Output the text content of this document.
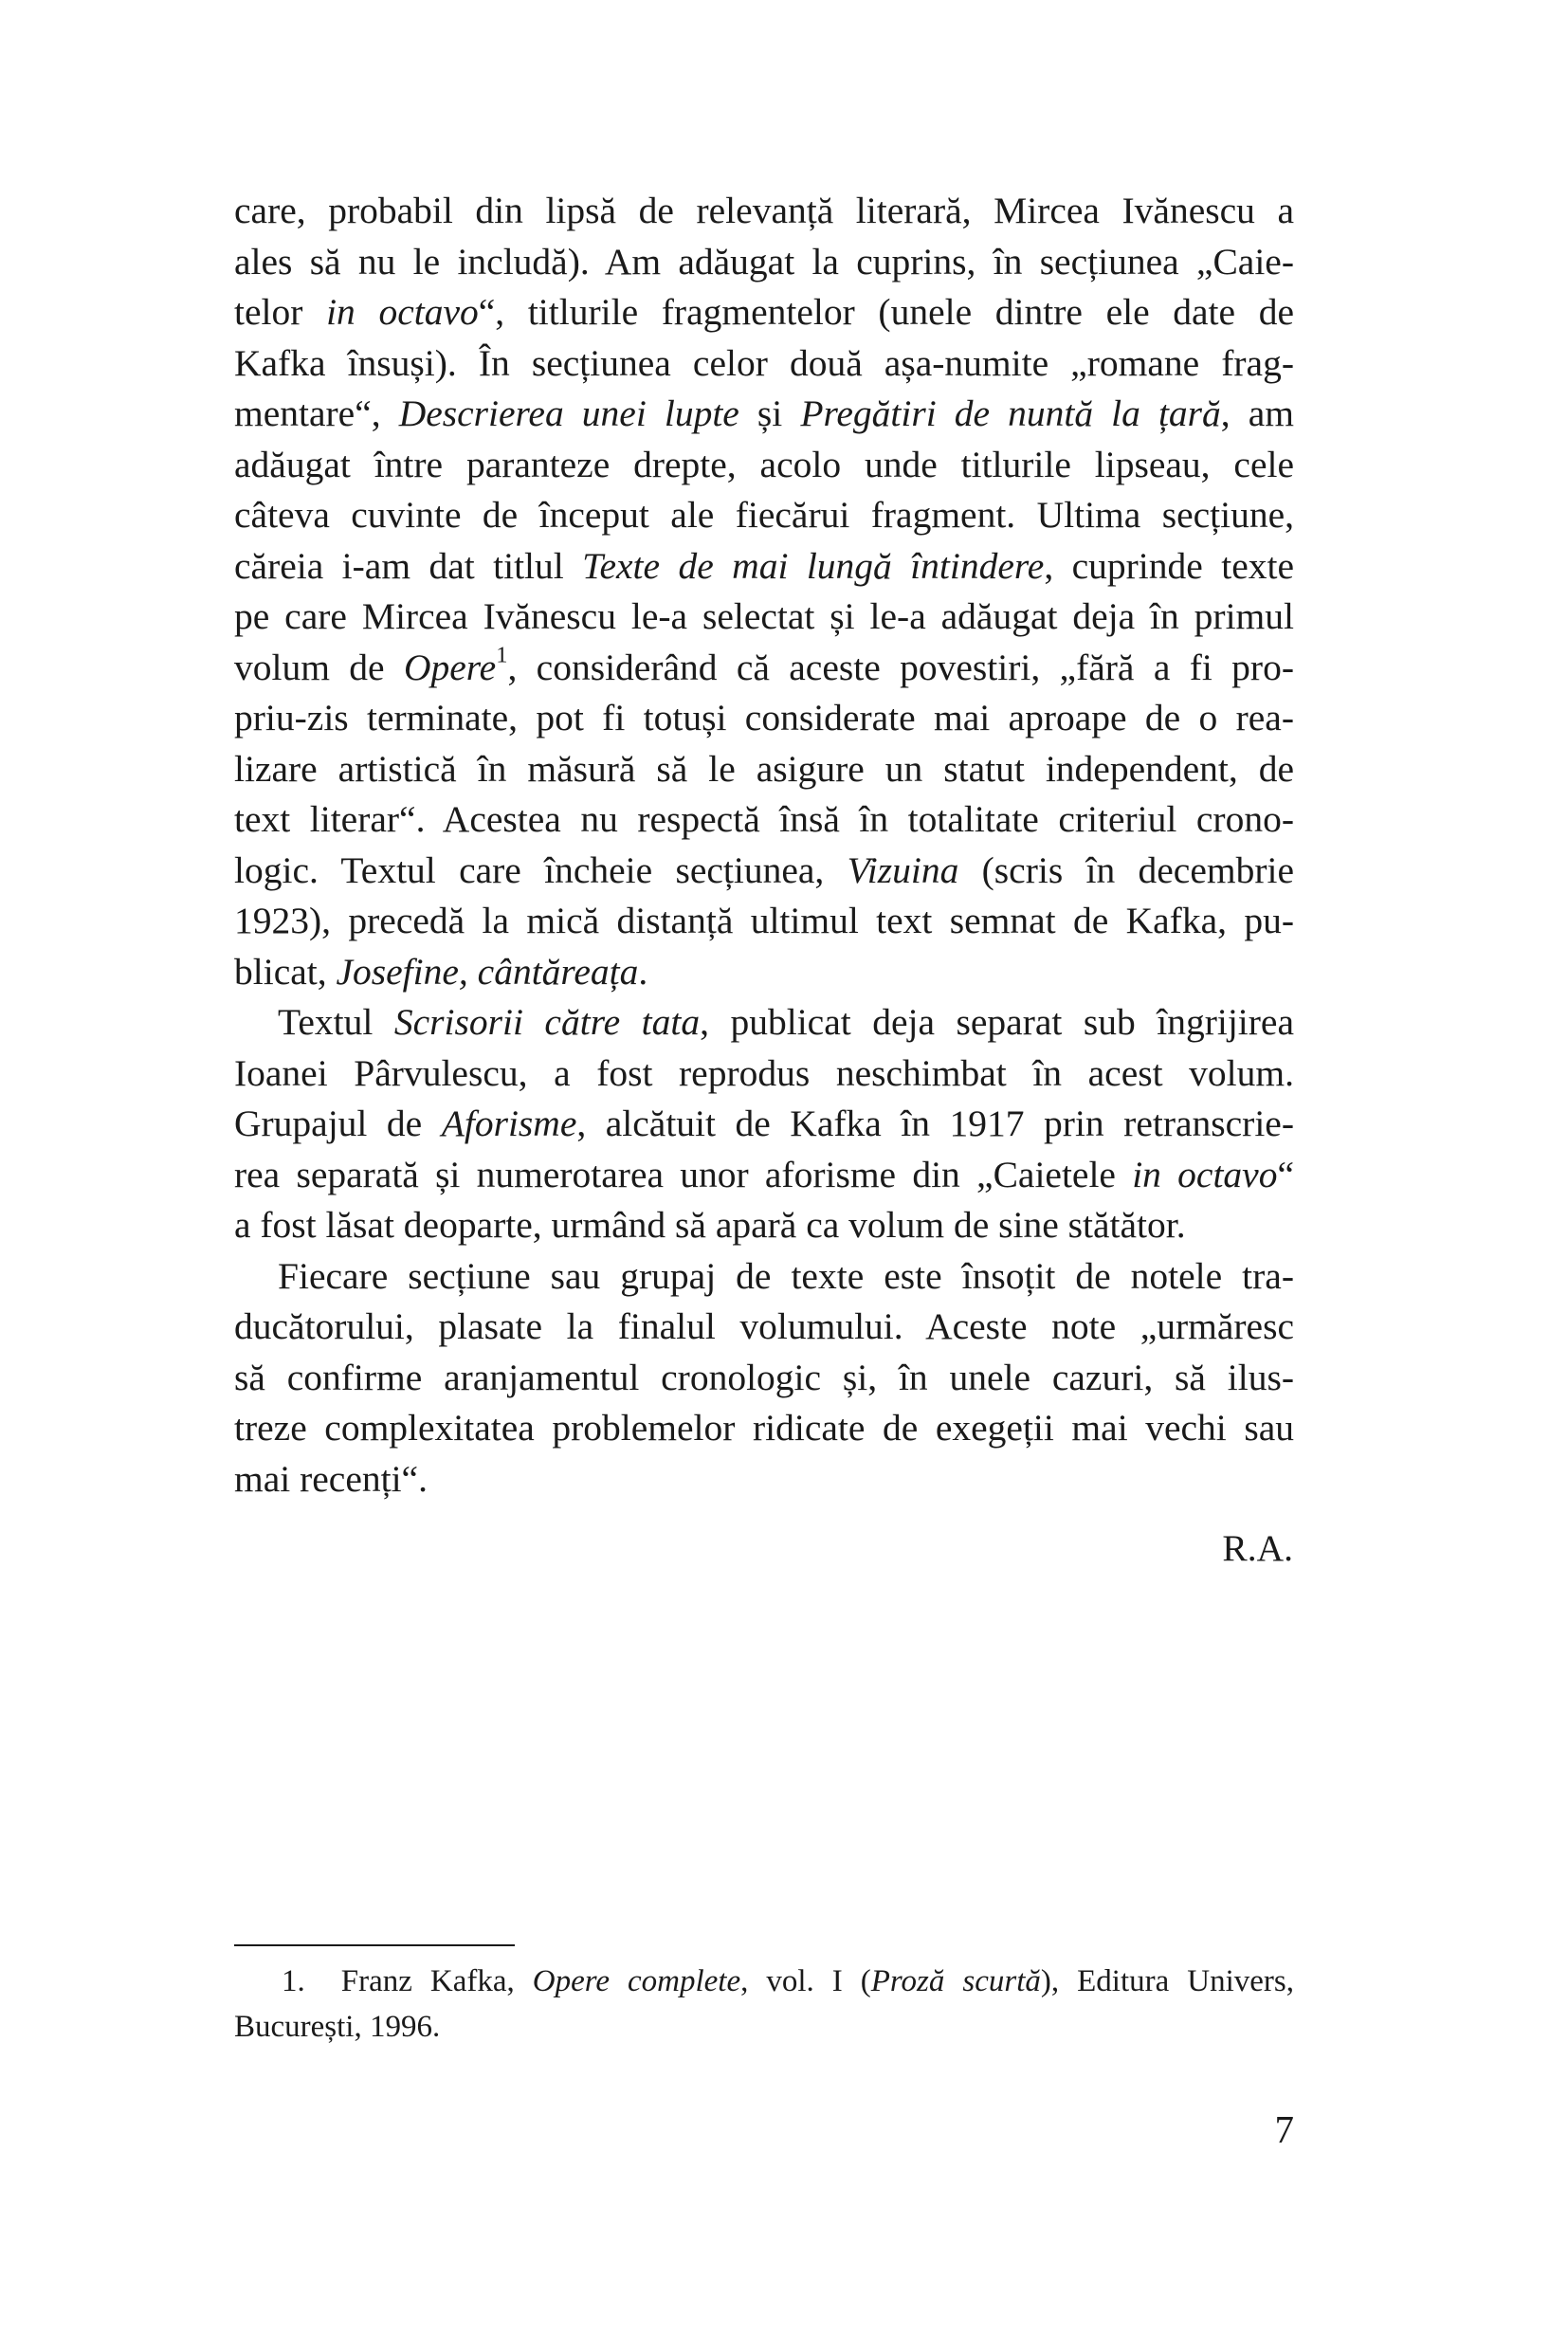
care, probabil din lipsă de relevanță literară, Mircea Ivănescu a
ales să nu le includă). Am adăugat la cuprins, în secțiunea „Caie-
telor in octavo“, titlurile fragmentelor (unele dintre ele date de
Kafka însuși). În secțiunea celor două așa-numite „romane frag-
mentare“, Descrierea unei lupte și Pregătiri de nuntă la țară, am
adăugat între paranteze drepte, acolo unde titlurile lipseau, cele
câteva cuvinte de început ale fiecărui fragment. Ultima secțiune,
căreia i-am dat titlul Texte de mai lungă întindere, cuprinde texte
pe care Mircea Ivănescu le-a selectat și le-a adăugat deja în primul
volum de Opere$^1$, considerând că aceste povestiri, „fără a fi pro-
priu-zis terminate, pot fi totuși considerate mai aproape de o rea-
lizare artistică în măsură să le asigure un statut independent, de
text literar“. Acestea nu respectă însă în totalitate criteriul crono-
logic. Textul care încheie secțiunea, Vizuina (scris în decembrie
1923), precedă la mică distanță ultimul text semnat de Kafka, pu-
blicat, Josefine, cântăreața.
Textul Scrisorii către tata, publicat deja separat sub îngrijirea
Ioanei Pârvulescu, a fost reprodus neschimbat în acest volum.
Grupajul de Aforisme, alcătuit de Kafka în 1917 prin retranscrie-
rea separată și numerotarea unor aforisme din „Caietele in octavo“
a fost lăsat deoparte, urmând să apară ca volum de sine stătător.
Fiecare secțiune sau grupaj de texte este însoțit de notele tra-
ducătorului, plasate la finalul volumului. Aceste note „urmăresc
să confirme aranjamentul cronologic și, în unele cazuri, să ilus-
treze complexitatea problemelor ridicate de exegeții mai vechi sau
mai recenți“.
R.A.
1. Franz Kafka, Opere complete, vol. I (Proză scurtă), Editura Univers,
București, 1996.
7
